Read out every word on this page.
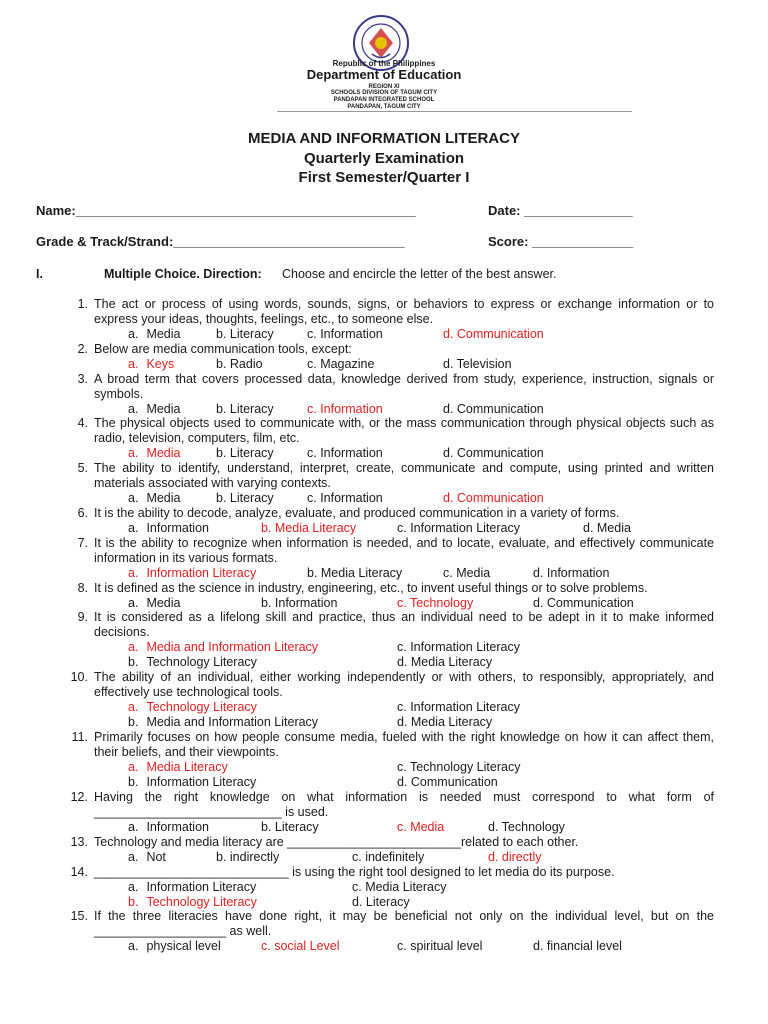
Republic of the Philippines
Department of Education
REGION XI
SCHOOLS DIVISION OF TAGUM CITY
PANDAPAN INTEGRATED SCHOOL
PANDAPAN, TAGUM CITY
MEDIA AND INFORMATION LITERACY
Quarterly Examination
First Semester/Quarter I
Name:_______________________________________________	Date: _______________
Grade & Track/Strand:________________________________	Score: ______________
I.	Multiple Choice. Direction: Choose and encircle the letter of the best answer.
1. The act or process of using words, sounds, signs, or behaviors to express or exchange information or to express your ideas, thoughts, feelings, etc., to someone else.
a. Media	b. Literacy	c. Information	d. Communication
2. Below are media communication tools, except:
a. Keys	b. Radio	c. Magazine	d. Television
3. A broad term that covers processed data, knowledge derived from study, experience, instruction, signals or symbols.
a. Media	b. Literacy	c. Information	d. Communication
4. The physical objects used to communicate with, or the mass communication through physical objects such as radio, television, computers, film, etc.
a. Media	b. Literacy	c. Information	d. Communication
5. The ability to identify, understand, interpret, create, communicate and compute, using printed and written materials associated with varying contexts.
a. Media	b. Literacy	c. Information	d. Communication
6. It is the ability to decode, analyze, evaluate, and produced communication in a variety of forms.
a. Information	b. Media Literacy	c. Information Literacy	d. Media
7. It is the ability to recognize when information is needed, and to locate, evaluate, and effectively communicate information in its various formats.
a. Information Literacy	b. Media Literacy	c. Media	d. Information
8. It is defined as the science in industry, engineering, etc., to invent useful things or to solve problems.
a. Media	b. Information	c. Technology	d. Communication
9. It is considered as a lifelong skill and practice, thus an individual need to be adept in it to make informed decisions.
a. Media and Information Literacy	c. Information Literacy
b. Technology Literacy	d. Media Literacy
10. The ability of an individual, either working independently or with others, to responsibly, appropriately, and effectively use technological tools.
a. Technology Literacy	c. Information Literacy
b. Media and Information Literacy	d. Media Literacy
11. Primarily focuses on how people consume media, fueled with the right knowledge on how it can affect them, their beliefs, and their viewpoints.
a. Media Literacy	c. Technology Literacy
b. Information Literacy	d. Communication
12. Having the right knowledge on what information is needed must correspond to what form of ___________________________ is used.
a. Information	b. Literacy	c. Media	d. Technology
13. Technology and media literacy are _________________________related to each other.
a. Not	b. indirectly	c. indefinitely	d. directly
14. ____________________________ is using the right tool designed to let media do its purpose.
a. Information Literacy	c. Media Literacy
b. Technology Literacy	d. Literacy
15. If the three literacies have done right, it may be beneficial not only on the individual level, but on the ___________________ as well.
a. physical level	c. social Level	c. spiritual level	d. financial level
